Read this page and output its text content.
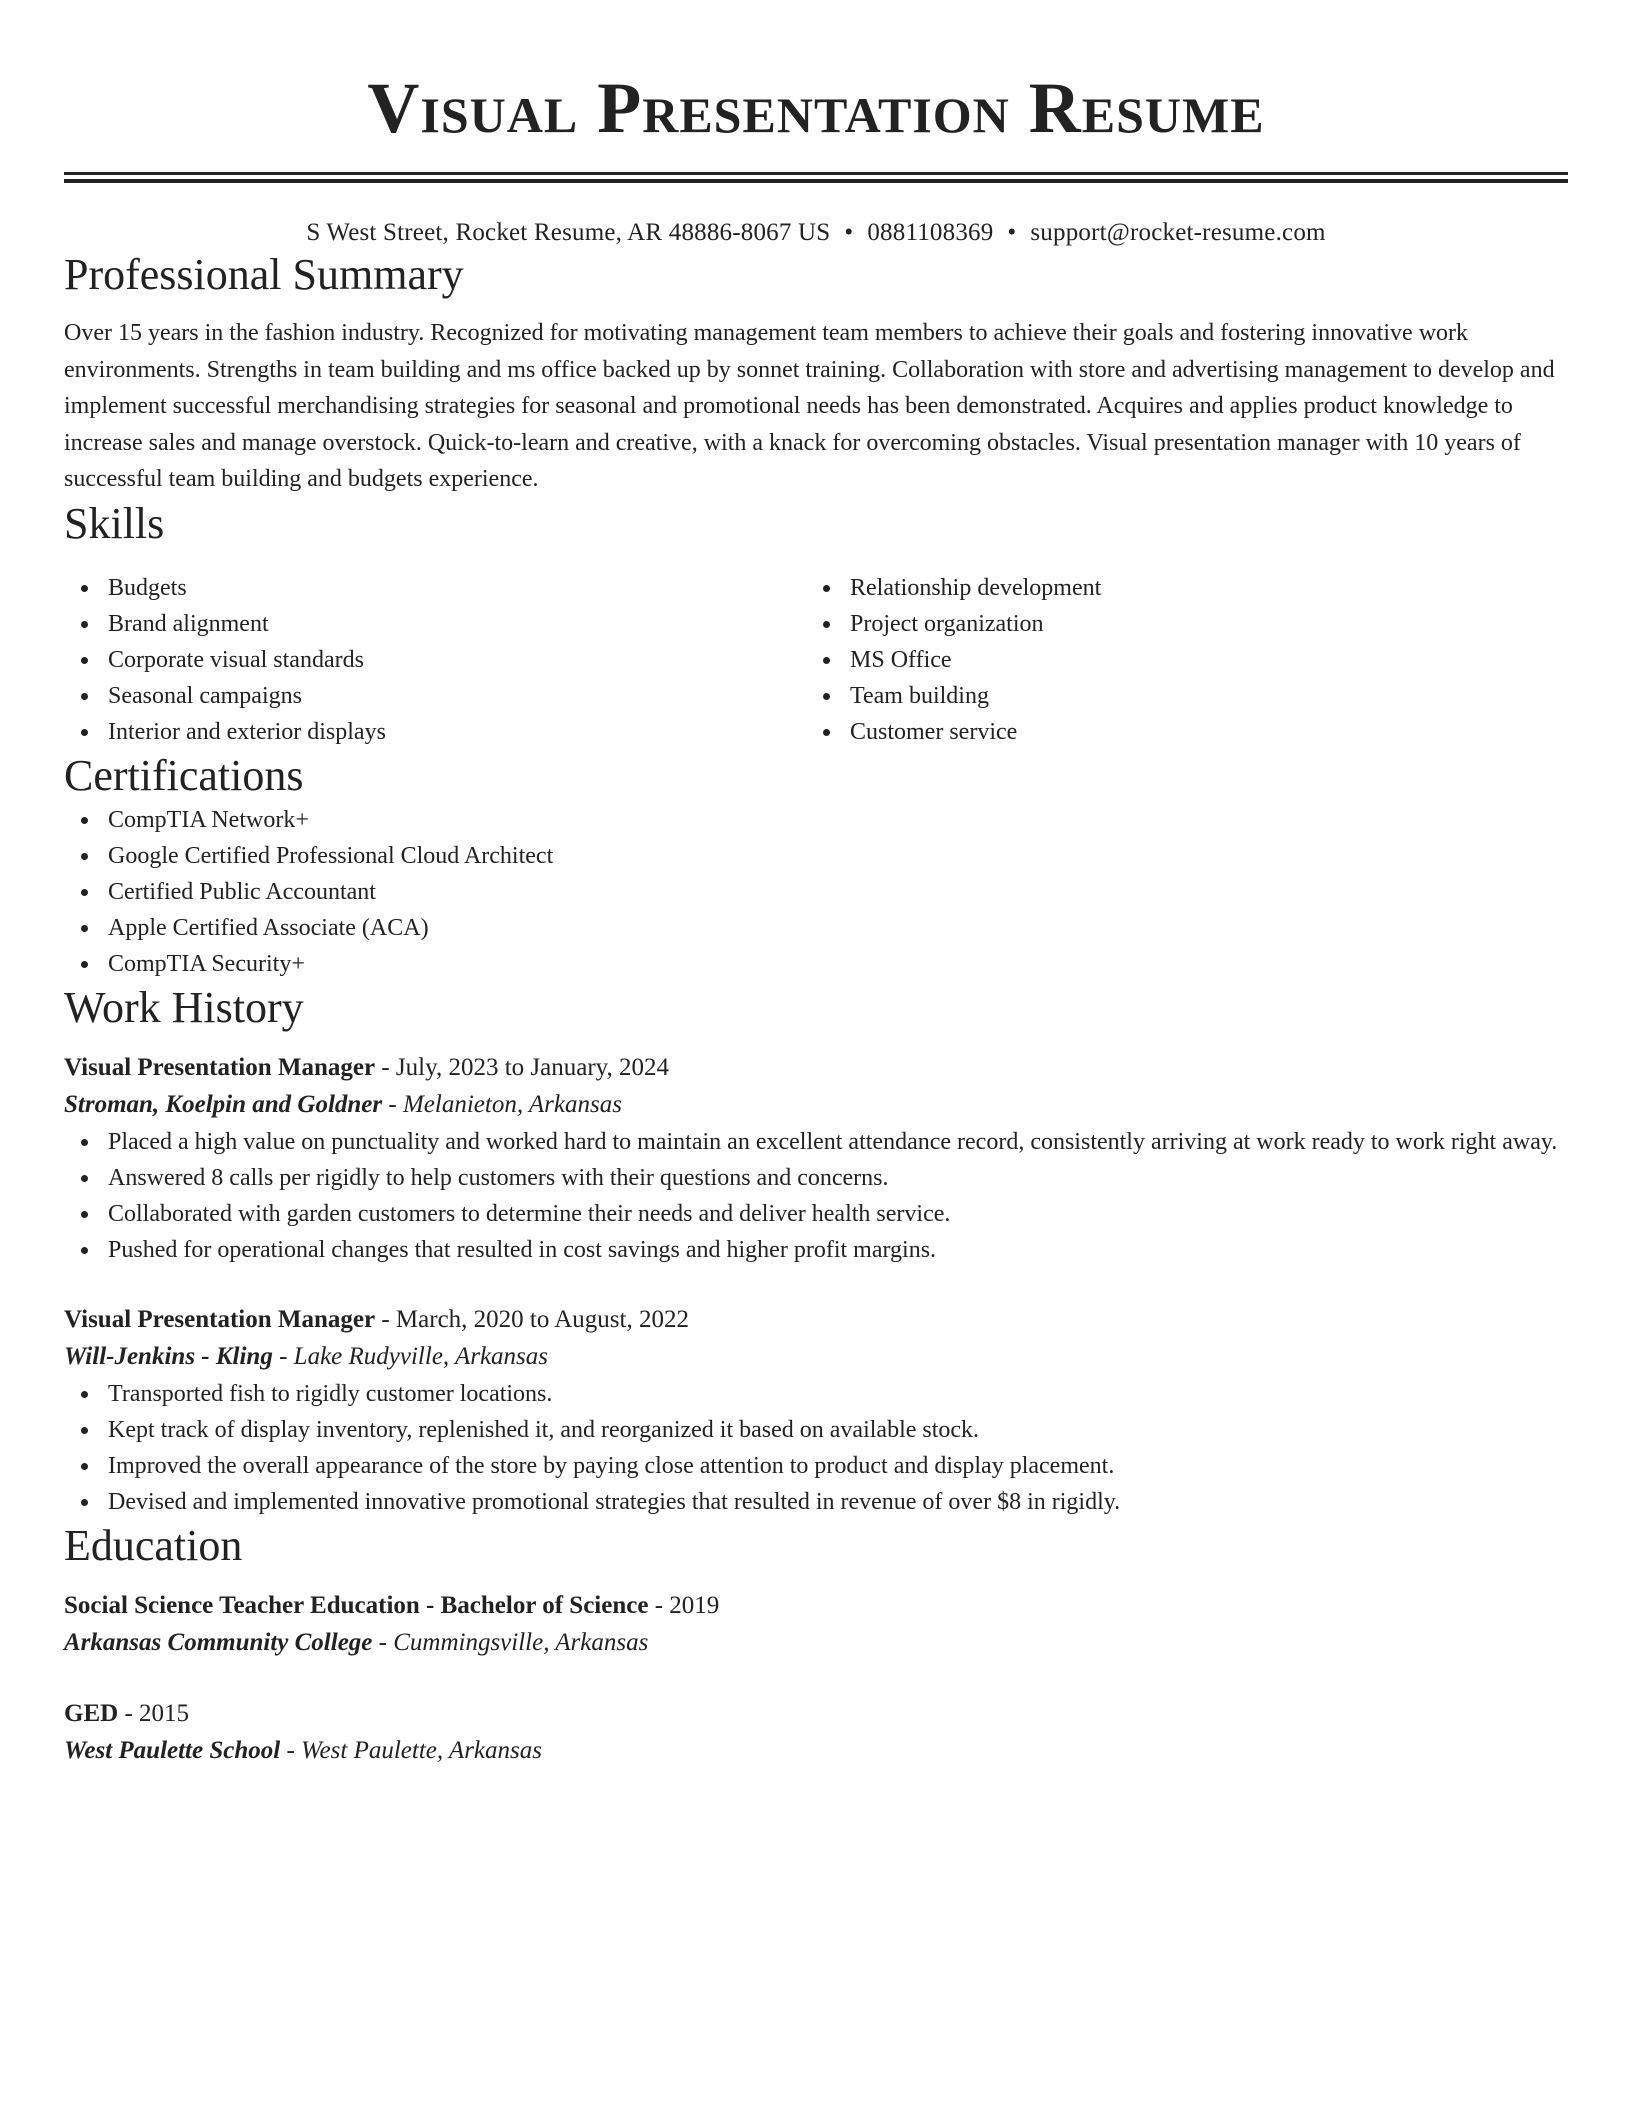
Visual Presentation Resume
S West Street, Rocket Resume, AR 48886-8067 US • 0881108369 • support@rocket-resume.com
Professional Summary

Over 15 years in the fashion industry. Recognized for motivating management team members to achieve their goals and fostering innovative work environments. Strengths in team building and ms office backed up by sonnet training. Collaboration with store and advertising management to develop and implement successful merchandising strategies for seasonal and promotional needs has been demonstrated. Acquires and applies product knowledge to increase sales and manage overstock. Quick-to-learn and creative, with a knack for overcoming obstacles. Visual presentation manager with 10 years of successful team building and budgets experience.

Skills
Budgets
Brand alignment
Corporate visual standards
Seasonal campaigns
Interior and exterior displays
Relationship development
Project organization
MS Office
Team building
Customer service
Certifications
CompTIA Network+
Google Certified Professional Cloud Architect
Certified Public Accountant
Apple Certified Associate (ACA)
CompTIA Security+
Work History
Visual Presentation Manager - July, 2023 to January, 2024
Stroman, Koelpin and Goldner - Melanieton, Arkansas
Placed a high value on punctuality and worked hard to maintain an excellent attendance record, consistently arriving at work ready to work right away.
Answered 8 calls per rigidly to help customers with their questions and concerns.
Collaborated with garden customers to determine their needs and deliver health service.
Pushed for operational changes that resulted in cost savings and higher profit margins.
Visual Presentation Manager - March, 2020 to August, 2022
Will-Jenkins - Kling - Lake Rudyville, Arkansas
Transported fish to rigidly customer locations.
Kept track of display inventory, replenished it, and reorganized it based on available stock.
Improved the overall appearance of the store by paying close attention to product and display placement.
Devised and implemented innovative promotional strategies that resulted in revenue of over $8 in rigidly.
Education
Social Science Teacher Education - Bachelor of Science - 2019
Arkansas Community College - Cummingsville, Arkansas
GED - 2015
West Paulette School - West Paulette, Arkansas
